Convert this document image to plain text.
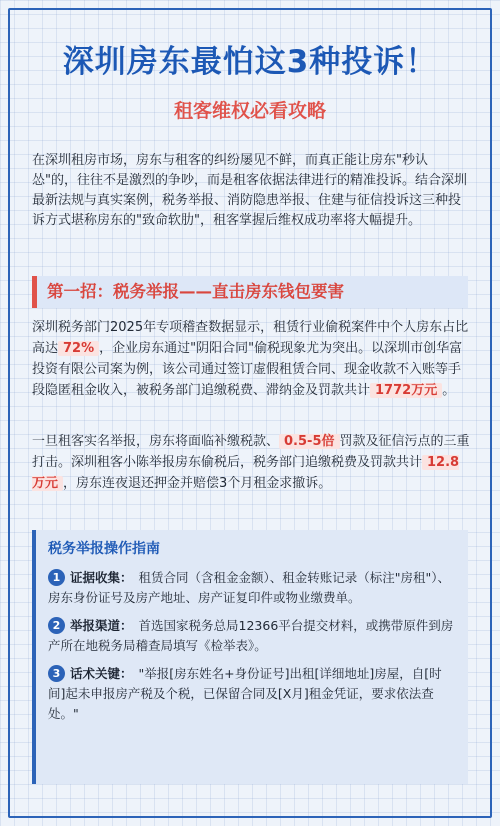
深圳房东最怕这3种投诉！
租客维权必看攻略

在深圳租房市场，房东与租客的纠纷屡见不鲜，而真正能让房东"秒认怂"的，往往不是激烈的争吵，而是租客依据法律进行的精准投诉。结合深圳最新法规与真实案例，税务举报、消防隐患举报、住建与征信投诉这三种投诉方式堪称房东的"致命软肋"，租客掌握后维权成功率将大幅提升。

第一招：税务举报——直击房东钱包要害

深圳税务部门2025年专项稽查数据显示，租赁行业偷税案件中个人房东占比高达 72% ，企业房东通过"阴阳合同"偷税现象尤为突出。以深圳市创华富投资有限公司案为例，该公司通过签订虚假租赁合同、现金收款不入账等手段隐匿租金收入，被税务部门追缴税费、滞纳金及罚款共计 1772万元 。

一旦租客实名举报，房东将面临补缴税款、 0.5-5倍 罚款及征信污点的三重打击。深圳租客小陈举报房东偷税后，税务部门追缴税费及罚款共计 12.8万元 ，房东连夜退还押金并赔偿3个月租金求撤诉。

税务举报操作指南
1 证据收集： 租赁合同（含租金金额）、租金转账记录（标注"房租"）、房东身份证号及房产地址、房产证复印件或物业缴费单。
2 举报渠道： 首选国家税务总局12366平台提交材料，或携带原件到房产所在地税务局稽查局填写《检举表》。
3 话术关键： "举报[房东姓名+身份证号]出租[详细地址]房屋，自[时间]起未申报房产税及个税，已保留合同及[X月]租金凭证，要求依法查处。"
